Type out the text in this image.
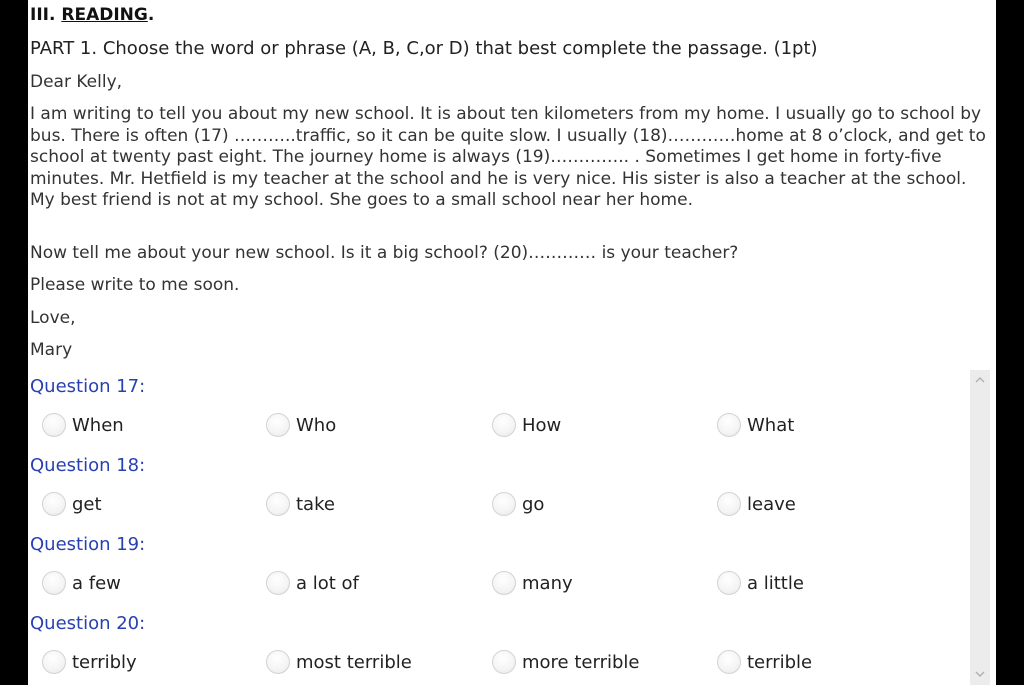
III. READING.
PART 1. Choose the word or phrase (A, B, C,or D) that best complete the passage. (1pt)
Dear Kelly,
I am writing to tell you about my new school. It is about ten kilometers from my home. I usually go to school by bus. There is often (17) ………..traffic, so it can be quite slow. I usually (18)…………home at 8 o’clock, and get to school at twenty past eight. The journey home is always (19)………….. . Sometimes I get home in forty-five minutes. Mr. Hetfield is my teacher at the school and he is very nice. His sister is also a teacher at the school. My best friend is not at my school. She goes to a small school near her home.
Now tell me about your new school. Is it a big school? (20)………… is your teacher?
Please write to me soon.
Love,
Mary
Question 17:
When	Who	How	What
Question 18:
get	take	go	leave
Question 19:
a few	a lot of	many	a little
Question 20:
terribly	most terrible	more terrible	terrible
